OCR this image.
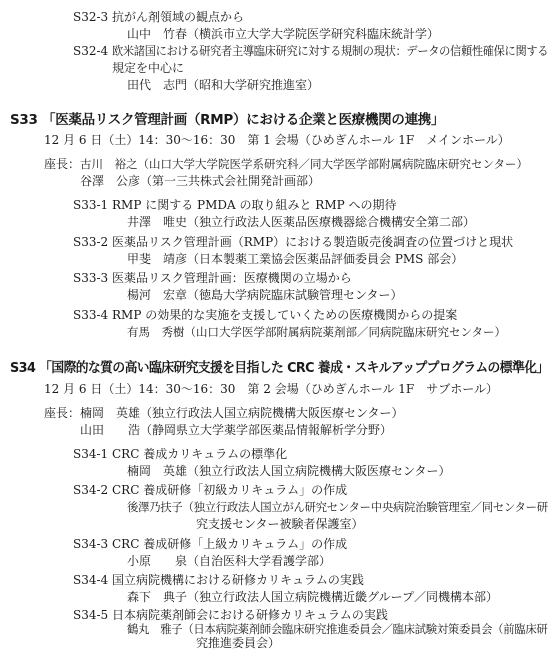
S32-3 抗がん剤領域の観点から
山中　竹春（横浜市立大学大学院医学研究科臨床統計学）
S32-4 欧米諸国における研究者主導臨床研究に対する規制の現状：データの信頼性確保に関する
規定を中心に
田代　志門（昭和大学研究推進室）
S33 「医薬品リスク管理計画（RMP）における企業と医療機関の連携」
12 月 6 日（土）14：30〜16：30　第 1 会場（ひめぎんホール 1F　メインホール）
座長： 古川　裕之（山口大学大学院医学系研究科／同大学医学部附属病院臨床研究センター）
谷澤　公彦（第一三共株式会社開発計画部）
S33-1 RMP に関する PMDA の取り組みと RMP への期待
井澤　唯史（独立行政法人医薬品医療機器総合機構安全第二部）
S33-2 医薬品リスク管理計画（RMP）における製造販売後調査の位置づけと現状
甲斐　靖彦（日本製薬工業協会医薬品評価委員会 PMS 部会）
S33-3 医薬品リスク管理計画：医療機関の立場から
楊河　宏章（徳島大学病院臨床試験管理センター）
S33-4 RMP の効果的な実施を支援していくための医療機関からの提案
有馬　秀樹（山口大学医学部附属病院薬剤部／同病院臨床研究センター）
S34 「国際的な質の高い臨床研究支援を目指した CRC 養成・スキルアッププログラムの標準化」
12 月 6 日（土）14：30〜16：30　第 2 会場（ひめぎんホール 1F　サブホール）
座長： 楠岡　英雄（独立行政法人国立病院機構大阪医療センター）
山田　　浩（静岡県立大学薬学部医薬品情報解析学分野）
S34-1 CRC 養成カリキュラムの標準化
楠岡　英雄（独立行政法人国立病院機構大阪医療センター）
S34-2 CRC 養成研修「初級カリキュラム」の作成
後澤乃扶子（独立行政法人国立がん研究センター中央病院治験管理室／同センター研
究支援センター被験者保護室）
S34-3 CRC 養成研修「上級カリキュラム」の作成
小原　　泉（自治医科大学看護学部）
S34-4 国立病院機構における研修カリキュラムの実践
森下　典子（独立行政法人国立病院機構近畿グループ／同機構本部）
S34-5 日本病院薬剤師会における研修カリキュラムの実践
鶴丸　雅子（日本病院薬剤師会臨床研究推進委員会／臨床試験対策委員会（前臨床研
究推進委員会）
